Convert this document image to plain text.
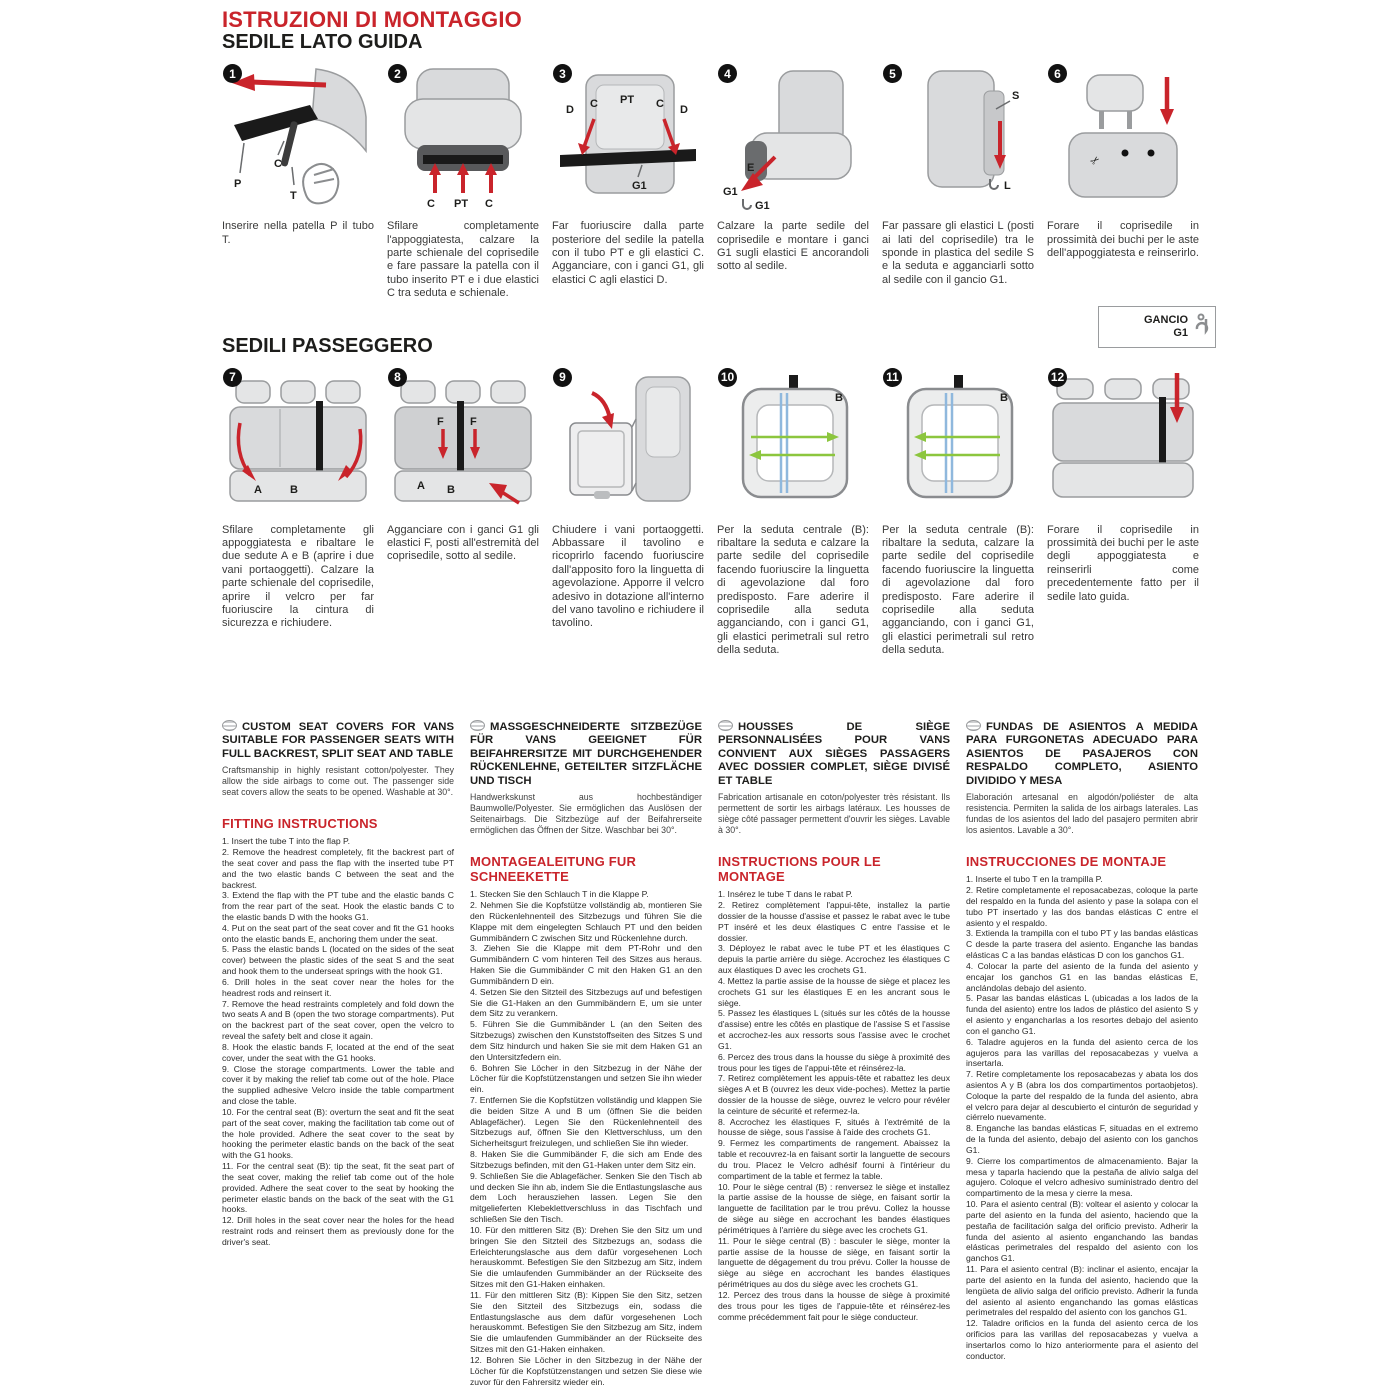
ISTRUZIONI DI MONTAGGIO
SEDILE LATO GUIDA
1
P
C
T
2
C PT C
3
D C PT C D
G1
4
E
G1
G1
5
S
L
6
✂

Inserire nella patella P il tubo T.

Sfilare completamente l'appoggiatesta, calzare la parte schienale del coprisedile e fare passare la patella con il tubo inserito PT e i due elastici C tra seduta e schienale.

Far fuoriuscire dalla parte posteriore del sedile la patella con il tubo PT e gli elastici C. Agganciare, con i ganci G1, gli elastici C agli elastici D.

Calzare la parte sedile del coprisedile e montare i ganci G1 sugli elastici E ancorandoli sotto al sedile.

Far passare gli elastici L (posti ai lati del coprisedile) tra le sponde in plastica del sedile S e la seduta e agganciarli sotto al sedile con il gancio G1.

Forare il coprisedile in prossimità dei buchi per le aste dell'appoggiatesta e reinserirlo.

GANCIO
G1
SEDILI PASSEGGERO
7
A	B
8
F F
A B
9	10
B
11
B
12

Sfilare completamente gli appoggiatesta e ribaltare le due sedute A e B (aprire i due vani portaoggetti). Calzare la parte schienale del coprisedile, aprire il velcro per far fuoriuscire la cintura di sicurezza e richiudere.

Agganciare con i ganci G1 gli elastici F, posti all'estremità del coprisedile, sotto al sedile.

Chiudere i vani portaoggetti. Abbassare il tavolino e ricoprirlo facendo fuoriuscire dall'apposito foro la linguetta di agevolazione. Apporre il velcro adesivo in dotazione all'interno del vano tavolino e richiudere il tavolino.

Per la seduta centrale (B): ribaltare la seduta e calzare la parte sedile del coprisedile facendo fuoriuscire la linguetta di agevolazione dal foro predisposto. Fare aderire il coprisedile alla seduta agganciando, con i ganci G1, gli elastici perimetrali sul retro della seduta.

Per la seduta centrale (B): ribaltare la seduta, calzare la parte sedile del coprisedile facendo fuoriuscire la linguetta di agevolazione dal foro predisposto. Fare aderire il coprisedile alla seduta agganciando, con i ganci G1, gli elastici perimetrali sul retro della seduta.

Forare il coprisedile in prossimità dei buchi per le aste degli appoggiatesta e reinserirli come precedentemente fatto per il sedile lato guida.

CUSTOM SEAT COVERS FOR VANS SUITABLE FOR PASSENGER SEATS WITH FULL BACKREST, SPLIT SEAT AND TABLE

Craftsmanship in highly resistant cotton/polyester. They allow the side airbags to come out. The passenger side seat covers allow the seats to be opened. Washable at 30°.

FITTING INSTRUCTIONS

1. Insert the tube T into the flap P.

2. Remove the headrest completely, fit the backrest part of the seat cover and pass the flap with the inserted tube PT and the two elastic bands C between the seat and the backrest.

3. Extend the flap with the PT tube and the elastic bands C from the rear part of the seat. Hook the elastic bands C to the elastic bands D with the hooks G1.

4. Put on the seat part of the seat cover and fit the G1 hooks onto the elastic bands E, anchoring them under the seat.

5. Pass the elastic bands L (located on the sides of the seat cover) between the plastic sides of the seat S and the seat and hook them to the underseat springs with the hook G1.

6. Drill holes in the seat cover near the holes for the headrest rods and reinsert it.

7. Remove the head restraints completely and fold down the two seats A and B (open the two storage compartments). Put on the backrest part of the seat cover, open the velcro to reveal the safety belt and close it again.

8. Hook the elastic bands F, located at the end of the seat cover, under the seat with the G1 hooks.

9. Close the storage compartments. Lower the table and cover it by making the relief tab come out of the hole. Place the supplied adhesive Velcro inside the table compartment and close the table.

10. For the central seat (B): overturn the seat and fit the seat part of the seat cover, making the facilitation tab come out of the hole provided. Adhere the seat cover to the seat by hooking the perimeter elastic bands on the back of the seat with the G1 hooks.

11. For the central seat (B): tip the seat, fit the seat part of the seat cover, making the relief tab come out of the hole provided. Adhere the seat cover to the seat by hooking the perimeter elastic bands on the back of the seat with the G1 hooks.

12. Drill holes in the seat cover near the holes for the head restraint rods and reinsert them as previously done for the driver's seat.

MASSGESCHNEIDERTE SITZBEZÜGE FÜR VANS GEEIGNET FÜR BEIFAHRERSITZE MIT DURCHGEHENDER RÜCKENLEHNE, GETEILTER SITZFLÄCHE UND TISCH

Handwerkskunst aus hochbeständiger Baumwolle/Polyester. Sie ermöglichen das Auslösen der Seitenairbags. Die Sitzbezüge auf der Beifahrerseite ermöglichen das Öffnen der Sitze. Waschbar bei 30°.

MONTAGEALEITUNG FUR SCHNEEKETTE

1. Stecken Sie den Schlauch T in die Klappe P.

2. Nehmen Sie die Kopfstütze vollständig ab, montieren Sie den Rückenlehnenteil des Sitzbezugs und führen Sie die Klappe mit dem eingelegten Schlauch PT und den beiden Gummibändern C zwischen Sitz und Rückenlehne durch.

3. Ziehen Sie die Klappe mit dem PT-Rohr und den Gummibändern C vom hinteren Teil des Sitzes aus heraus. Haken Sie die Gummibänder C mit den Haken G1 an den Gummibändern D ein.

4. Setzen Sie den Sitzteil des Sitzbezugs auf und befestigen Sie die G1-Haken an den Gummibändern E, um sie unter dem Sitz zu verankern.

5. Führen Sie die Gummibänder L (an den Seiten des Sitzbezugs) zwischen den Kunststoffseiten des Sitzes S und dem Sitz hindurch und haken Sie sie mit dem Haken G1 an den Untersitzfedern ein.

6. Bohren Sie Löcher in den Sitzbezug in der Nähe der Löcher für die Kopfstützenstangen und setzen Sie ihn wieder ein.

7. Entfernen Sie die Kopfstützen vollständig und klappen Sie die beiden Sitze A und B um (öffnen Sie die beiden Ablagefächer). Legen Sie den Rückenlehnenteil des Sitzbezugs auf, öffnen Sie den Klettverschluss, um den Sicherheitsgurt freizulegen, und schließen Sie ihn wieder.

8. Haken Sie die Gummibänder F, die sich am Ende des Sitzbezugs befinden, mit den G1-Haken unter dem Sitz ein.

9. Schließen Sie die Ablagefächer. Senken Sie den Tisch ab und decken Sie ihn ab, indem Sie die Entlastungslasche aus dem Loch herausziehen lassen. Legen Sie den mitgelieferten Klebeklettverschluss in das Tischfach und schließen Sie den Tisch.

10. Für den mittleren Sitz (B): Drehen Sie den Sitz um und bringen Sie den Sitzteil des Sitzbezugs an, sodass die Erleichterungslasche aus dem dafür vorgesehenen Loch herauskommt. Befestigen Sie den Sitzbezug am Sitz, indem Sie die umlaufenden Gummibänder an der Rückseite des Sitzes mit den G1-Haken einhaken.

11. Für den mittleren Sitz (B): Kippen Sie den Sitz, setzen Sie den Sitzteil des Sitzbezugs ein, sodass die Entlastungslasche aus dem dafür vorgesehenen Loch herauskommt. Befestigen Sie den Sitzbezug am Sitz, indem Sie die umlaufenden Gummibänder an der Rückseite des Sitzes mit den G1-Haken einhaken.

12. Bohren Sie Löcher in den Sitzbezug in der Nähe der Löcher für die Kopfstützenstangen und setzen Sie diese wie zuvor für den Fahrersitz wieder ein.

HOUSSES DE SIÈGE PERSONNALISÉES POUR VANS CONVIENT AUX SIÈGES PASSAGERS AVEC DOSSIER COMPLET, SIÈGE DIVISÉ ET TABLE

Fabrication artisanale en coton/polyester très résistant. Ils permettent de sortir les airbags latéraux. Les housses de siège côté passager permettent d'ouvrir les sièges. Lavable à 30°.

INSTRUCTIONS POUR LE MONTAGE

1. Insérez le tube T dans le rabat P.

2. Retirez complètement l'appui-tête, installez la partie dossier de la housse d'assise et passez le rabat avec le tube PT inséré et les deux élastiques C entre l'assise et le dossier.

3. Déployez le rabat avec le tube PT et les élastiques C depuis la partie arrière du siège. Accrochez les élastiques C aux élastiques D avec les crochets G1.

4. Mettez la partie assise de la housse de siège et placez les crochets G1 sur les élastiques E en les ancrant sous le siège.

5. Passez les élastiques L (situés sur les côtés de la housse d'assise) entre les côtés en plastique de l'assise S et l'assise et accrochez-les aux ressorts sous l'assise avec le crochet G1.

6. Percez des trous dans la housse du siège à proximité des trous pour les tiges de l'appui-tête et réinsérez-la.

7. Retirez complètement les appuis-tête et rabattez les deux sièges A et B (ouvrez les deux vide-poches). Mettez la partie dossier de la housse de siège, ouvrez le velcro pour révéler la ceinture de sécurité et refermez-la.

8. Accrochez les élastiques F, situés à l'extrémité de la housse de siège, sous l'assise à l'aide des crochets G1.

9. Fermez les compartiments de rangement. Abaissez la table et recouvrez-la en faisant sortir la languette de secours du trou. Placez le Velcro adhésif fourni à l'intérieur du compartiment de la table et fermez la table.

10. Pour le siège central (B) : renversez le siège et installez la partie assise de la housse de siège, en faisant sortir la languette de facilitation par le trou prévu. Collez la housse de siège au siège en accrochant les bandes élastiques périmétriques à l'arrière du siège avec les crochets G1.

11. Pour le siège central (B) : basculer le siège, monter la partie assise de la housse de siège, en faisant sortir la languette de dégagement du trou prévu. Coller la housse de siège au siège en accrochant les bandes élastiques périmétriques au dos du siège avec les crochets G1.

12. Percez des trous dans la housse de siège à proximité des trous pour les tiges de l'appuie-tête et réinsérez-les comme précédemment fait pour le siège conducteur.

FUNDAS DE ASIENTOS A MEDIDA PARA FURGONETAS ADECUADO PARA ASIENTOS DE PASAJEROS CON RESPALDO COMPLETO, ASIENTO DIVIDIDO Y MESA

Elaboración artesanal en algodón/poliéster de alta resistencia. Permiten la salida de los airbags laterales. Las fundas de los asientos del lado del pasajero permiten abrir los asientos. Lavable a 30°.

INSTRUCCIONES DE MONTAJE

1. Inserte el tubo T en la trampilla P.

2. Retire completamente el reposacabezas, coloque la parte del respaldo en la funda del asiento y pase la solapa con el tubo PT insertado y las dos bandas elásticas C entre el asiento y el respaldo.

3. Extienda la trampilla con el tubo PT y las bandas elásticas C desde la parte trasera del asiento. Enganche las bandas elásticas C a las bandas elásticas D con los ganchos G1.

4. Colocar la parte del asiento de la funda del asiento y encajar los ganchos G1 en las bandas elásticas E, anclándolas debajo del asiento.

5. Pasar las bandas elásticas L (ubicadas a los lados de la funda del asiento) entre los lados de plástico del asiento S y el asiento y engancharlas a los resortes debajo del asiento con el gancho G1.

6. Taladre agujeros en la funda del asiento cerca de los agujeros para las varillas del reposacabezas y vuelva a insertarla.

7. Retire completamente los reposacabezas y abata los dos asientos A y B (abra los dos compartimentos portaobjetos). Coloque la parte del respaldo de la funda del asiento, abra el velcro para dejar al descubierto el cinturón de seguridad y ciérrelo nuevamente.

8. Enganche las bandas elásticas F, situadas en el extremo de la funda del asiento, debajo del asiento con los ganchos G1.

9. Cierre los compartimentos de almacenamiento. Bajar la mesa y taparla haciendo que la pestaña de alivio salga del agujero. Coloque el velcro adhesivo suministrado dentro del compartimento de la mesa y cierre la mesa.

10. Para el asiento central (B): voltear el asiento y colocar la parte del asiento en la funda del asiento, haciendo que la pestaña de facilitación salga del orificio previsto. Adherir la funda del asiento al asiento enganchando las bandas elásticas perimetrales del respaldo del asiento con los ganchos G1.

11. Para el asiento central (B): inclinar el asiento, encajar la parte del asiento en la funda del asiento, haciendo que la lengüeta de alivio salga del orificio previsto. Adherir la funda del asiento al asiento enganchando las gomas elásticas perimetrales del respaldo del asiento con los ganchos G1.

12. Taladre orificios en la funda del asiento cerca de los orificios para las varillas del reposacabezas y vuelva a insertarlos como lo hizo anteriormente para el asiento del conductor.
